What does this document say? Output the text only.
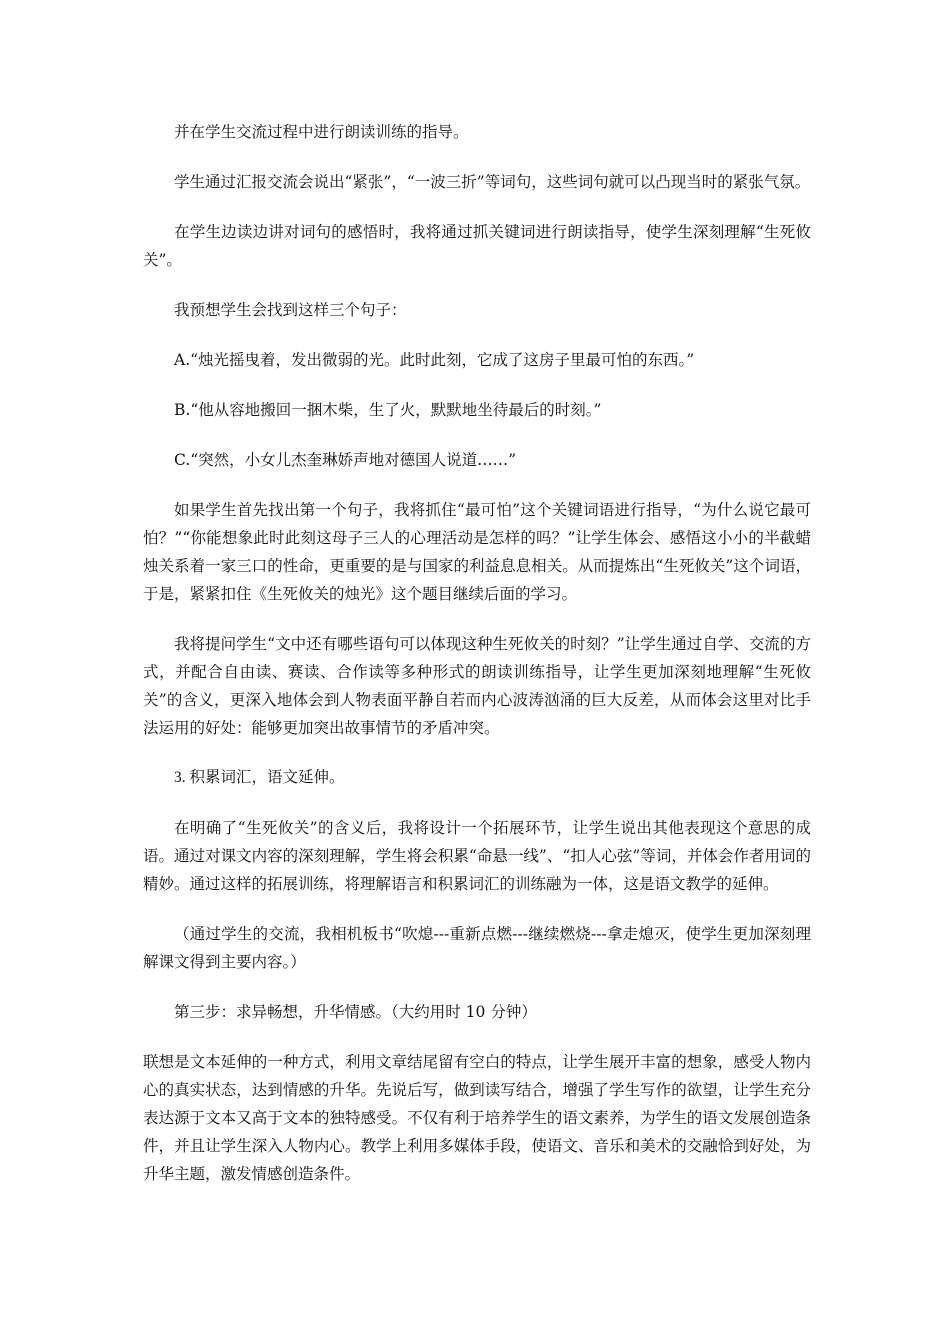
并在学生交流过程中进行朗读训练的指导。

学生通过汇报交流会说出“紧张”，“一波三折”等词句，这些词句就可以凸现当时的紧张气氛。

在学生边读边讲对词句的感悟时，我将通过抓关键词进行朗读指导，使学生深刻理解“生死攸关”。

我预想学生会找到这样三个句子：

A.“烛光摇曳着，发出微弱的光。此时此刻，它成了这房子里最可怕的东西。”

B.“他从容地搬回一捆木柴，生了火，默默地坐待最后的时刻。”

C.“突然，小女儿杰奎琳娇声地对德国人说道……”

如果学生首先找出第一个句子，我将抓住“最可怕”这个关键词语进行指导，“为什么说它最可怕？”“你能想象此时此刻这母子三人的心理活动是怎样的吗？”让学生体会、感悟这小小的半截蜡烛关系着一家三口的性命，更重要的是与国家的利益息息相关。从而提炼出“生死攸关”这个词语，于是，紧紧扣住《生死攸关的烛光》这个题目继续后面的学习。

我将提问学生“文中还有哪些语句可以体现这种生死攸关的时刻？”让学生通过自学、交流的方式，并配合自由读、赛读、合作读等多种形式的朗读训练指导，让学生更加深刻地理解“生死攸关”的含义，更深入地体会到人物表面平静自若而内心波涛汹涌的巨大反差，从而体会这里对比手法运用的好处：能够更加突出故事情节的矛盾冲突。

3. 积累词汇，语文延伸。

在明确了“生死攸关”的含义后，我将设计一个拓展环节，让学生说出其他表现这个意思的成语。通过对课文内容的深刻理解，学生将会积累“命悬一线”、“扣人心弦”等词，并体会作者用词的精妙。通过这样的拓展训练，将理解语言和积累词汇的训练融为一体，这是语文教学的延伸。

（通过学生的交流，我相机板书“吹熄---重新点燃---继续燃烧---拿走熄灭，使学生更加深刻理解课文得到主要内容。）

第三步：求异畅想，升华情感。（大约用时 10 分钟）

联想是文本延伸的一种方式，利用文章结尾留有空白的特点，让学生展开丰富的想象，感受人物内心的真实状态，达到情感的升华。先说后写，做到读写结合，增强了学生写作的欲望，让学生充分表达源于文本又高于文本的独特感受。不仅有利于培养学生的语文素养，为学生的语文发展创造条件，并且让学生深入人物内心。教学上利用多媒体手段，使语文、音乐和美术的交融恰到好处，为升华主题，激发情感创造条件。
